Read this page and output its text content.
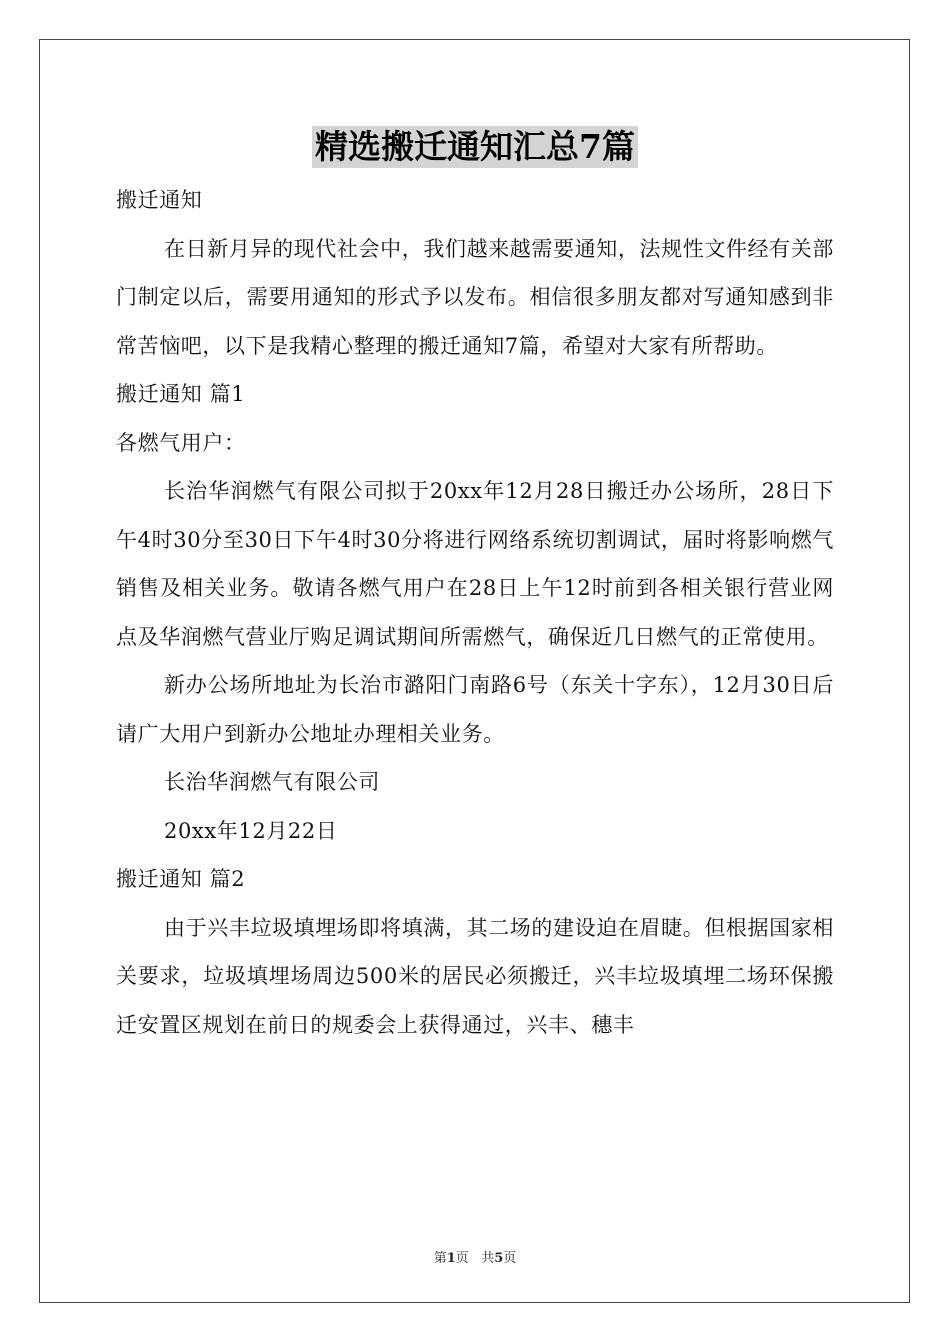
精选搬迁通知汇总7篇

搬迁通知

在日新月异的现代社会中，我们越来越需要通知，法规性文件经有关部门制定以后，需要用通知的形式予以发布。相信很多朋友都对写通知感到非常苦恼吧，以下是我精心整理的搬迁通知7篇，希望对大家有所帮助。

搬迁通知 篇1

各燃气用户：

长治华润燃气有限公司拟于20xx年12月28日搬迁办公场所，28日下午4时30分至30日下午4时30分将进行网络系统切割调试，届时将影响燃气销售及相关业务。敬请各燃气用户在28日上午12时前到各相关银行营业网点及华润燃气营业厅购足调试期间所需燃气，确保近几日燃气的正常使用。

新办公场所地址为长治市潞阳门南路6号（东关十字东），12月30日后请广大用户到新办公地址办理相关业务。

长治华润燃气有限公司

20xx年12月22日

搬迁通知 篇2

由于兴丰垃圾填埋场即将填满，其二场的建设迫在眉睫。但根据国家相关要求，垃圾填埋场周边500米的居民必须搬迁，兴丰垃圾填埋二场环保搬迁安置区规划在前日的规委会上获得通过，兴丰、穗丰

第1页 共5页
